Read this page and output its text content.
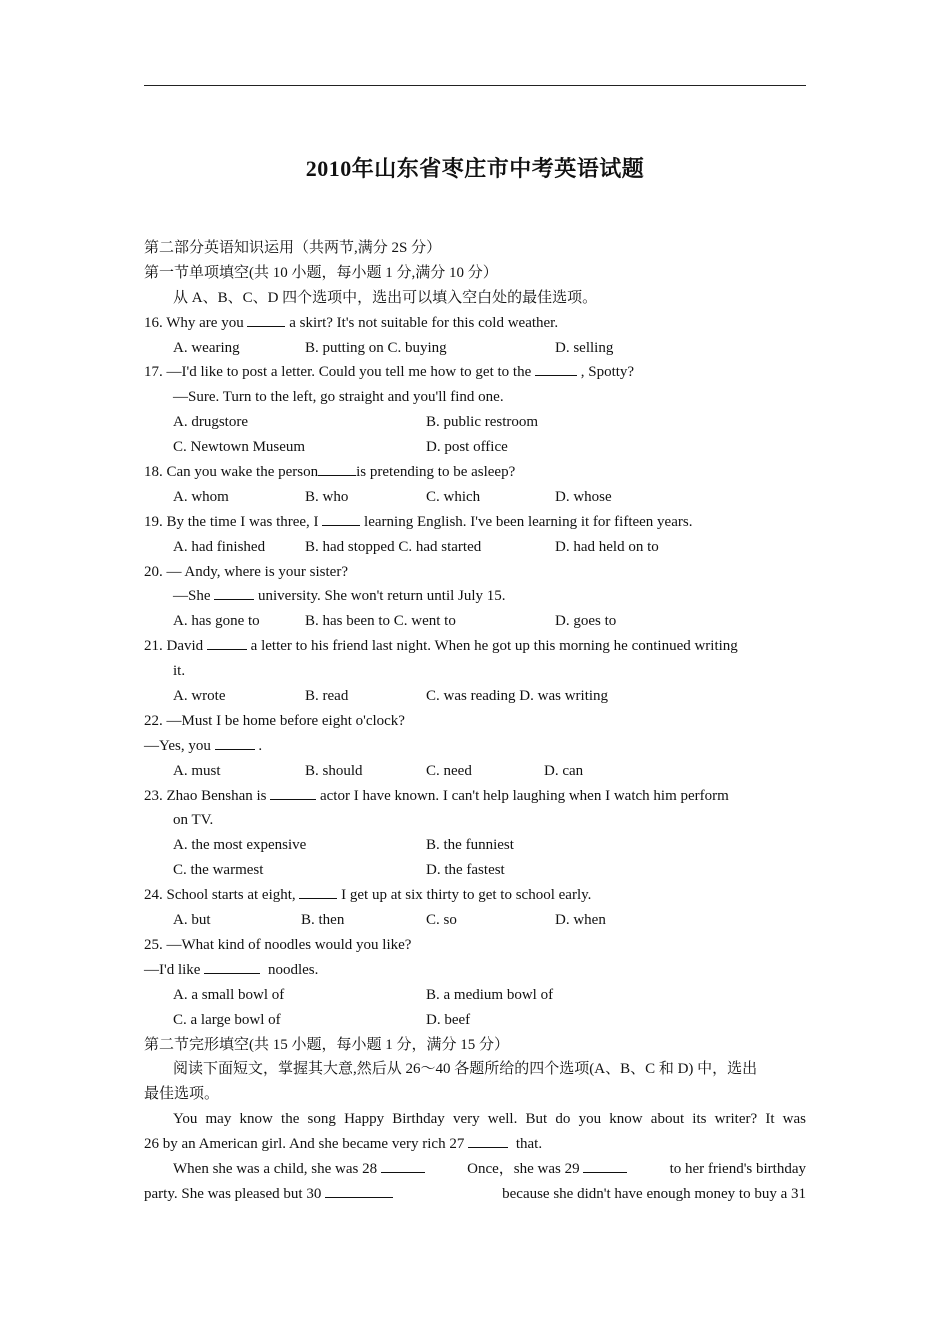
2010年山东省枣庄市中考英语试题
第二部分英语知识运用（共两节,满分 2S 分）
第一节单项填空(共 10 小题，每小题 1 分,满分 10 分）
从 A、B、C、D 四个选项中，选出可以填入空白处的最佳选项。
16. Why are you	a skirt? It's not suitable for this cold weather.
A. wearing	B. putting on C. buying	D. selling
17. —I'd like to post a letter. Could you tell me how to get to the	, Spotty?
—Sure. Turn to the left, go straight and you'll find one.
A. drugstore	B. public restroom
C. Newtown Museum	D. post office
18. Can you wake the person	is pretending to be asleep?
A. whom	B. who	C. which	D. whose
19. By the time I was three, I	learning English. I've been learning it for fifteen years.
A. had finished	B. had stopped C. had started	D. had held on to
20. — Andy, where is your sister?
—She	university. She won't return until July 15.
A. has gone to	B. has been to C. went to	D. goes to
21. David	a letter to his friend last night. When he got up this morning he continued writing
it.
A. wrote	B. read	C. was reading D. was writing
22. —Must I be home before eight o'clock?
—Yes, you	.
A. must	B. should	C. need	D. can
23. Zhao Benshan is	actor I have known. I can't help laughing when I watch him perform
on TV.
A. the most expensive	B. the funniest
C. the warmest	D. the fastest
24. School starts at eight,	I get up at six thirty to get to school early.
A. but	B. then	C. so	D. when
25. —What kind of noodles would you like?
—I'd like	noodles.
A. a small bowl of	B. a medium bowl of
C. a large bowl of	D. beef
第二节完形填空(共 15 小题，每小题 1 分，满分 15 分）
阅读下面短文，掌握其大意,然后从 26～40 各题所给的四个选项(A、B、C 和 D) 中，选出
最佳选项。
You may know the song Happy Birthday very well. But do you know about its writer? It was
26 by an American girl. And she became very rich 27	that.
When she was a child, she was 28	Once，she was 29	to her friend's birthday
party. She was pleased but 30	because she didn't have enough money to buy a 31
